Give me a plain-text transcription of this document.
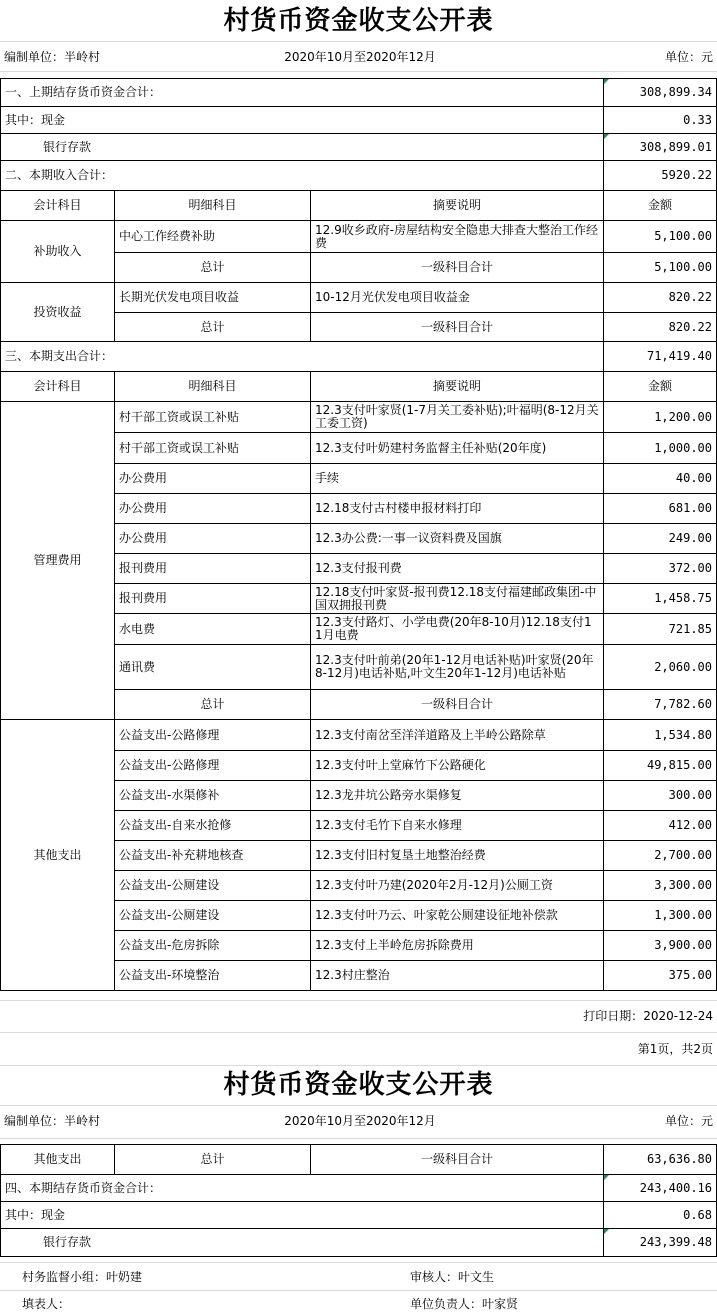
村货币资金收支公开表
编制单位：半岭村	2020年10月至2020年12月	单位：元
一、上期结存货币资金合计：	308,899.34
其中：现金	0.33
银行存款	308,899.01
二、本期收入合计：	5920.22
会计科目	明细科目	摘要说明	金额
补助收入
中心工作经费补助	12.9收乡政府-房屋结构安全隐患大排查大整治工作经费	5,100.00
总计	一级科目合计	5,100.00
投资收益
长期光伏发电项目收益	10-12月光伏发电项目收益金	820.22
总计	一级科目合计	820.22
三、本期支出合计：	71,419.40
会计科目	明细科目	摘要说明	金额
管理费用
村干部工资或误工补贴	12.3支付叶家贤(1-7月关工委补贴);叶福明(8-12月关工委工资)	1,200.00
村干部工资或误工补贴	12.3支付叶奶建村务监督主任补贴(20年度)	1,000.00
办公费用	手续	40.00
办公费用	12.18支付古村楼申报材料打印	681.00
办公费用	12.3办公费:一事一议资料费及国旗	249.00
报刊费用	12.3支付报刊费	372.00
报刊费用	12.18支付叶家贤-报刊费12.18支付福建邮政集团-中国双拥报刊费	1,458.75
水电费	12.3支付路灯、小学电费(20年8-10月)12.18支付11月电费	721.85
通讯费	12.3支付叶前弟(20年1-12月电话补贴)叶家贤(20年8-12月)电话补贴,叶文生20年1-12月)电话补贴	2,060.00
总计	一级科目合计	7,782.60
其他支出
公益支出-公路修理	12.3支付南岔至洋洋道路及上半岭公路除草	1,534.80
公益支出-公路修理	12.3支付叶上堂麻竹下公路硬化	49,815.00
公益支出-水渠修补	12.3龙井坑公路旁水渠修复	300.00
公益支出-自来水抢修	12.3支付毛竹下自来水修理	412.00
公益支出-补充耕地核查	12.3支付旧村复垦土地整治经费	2,700.00
公益支出-公厕建设	12.3支付叶乃建(2020年2月-12月)公厕工资	3,300.00
公益支出-公厕建设	12.3支付叶乃云、叶家乾公厕建设征地补偿款	1,300.00
公益支出-危房拆除	12.3支付上半岭危房拆除费用	3,900.00
公益支出-环境整治	12.3村庄整治	375.00
打印日期：2020-12-24
第1页，共2页
村货币资金收支公开表
编制单位：半岭村	2020年10月至2020年12月	单位：元
其他支出	总计	一级科目合计	63,636.80
四、本期结存货币资金合计：	243,400.16
其中：现金	0.68
银行存款	243,399.48
村务监督小组：叶奶建	审核人：叶文生
填表人：	单位负责人：叶家贤
